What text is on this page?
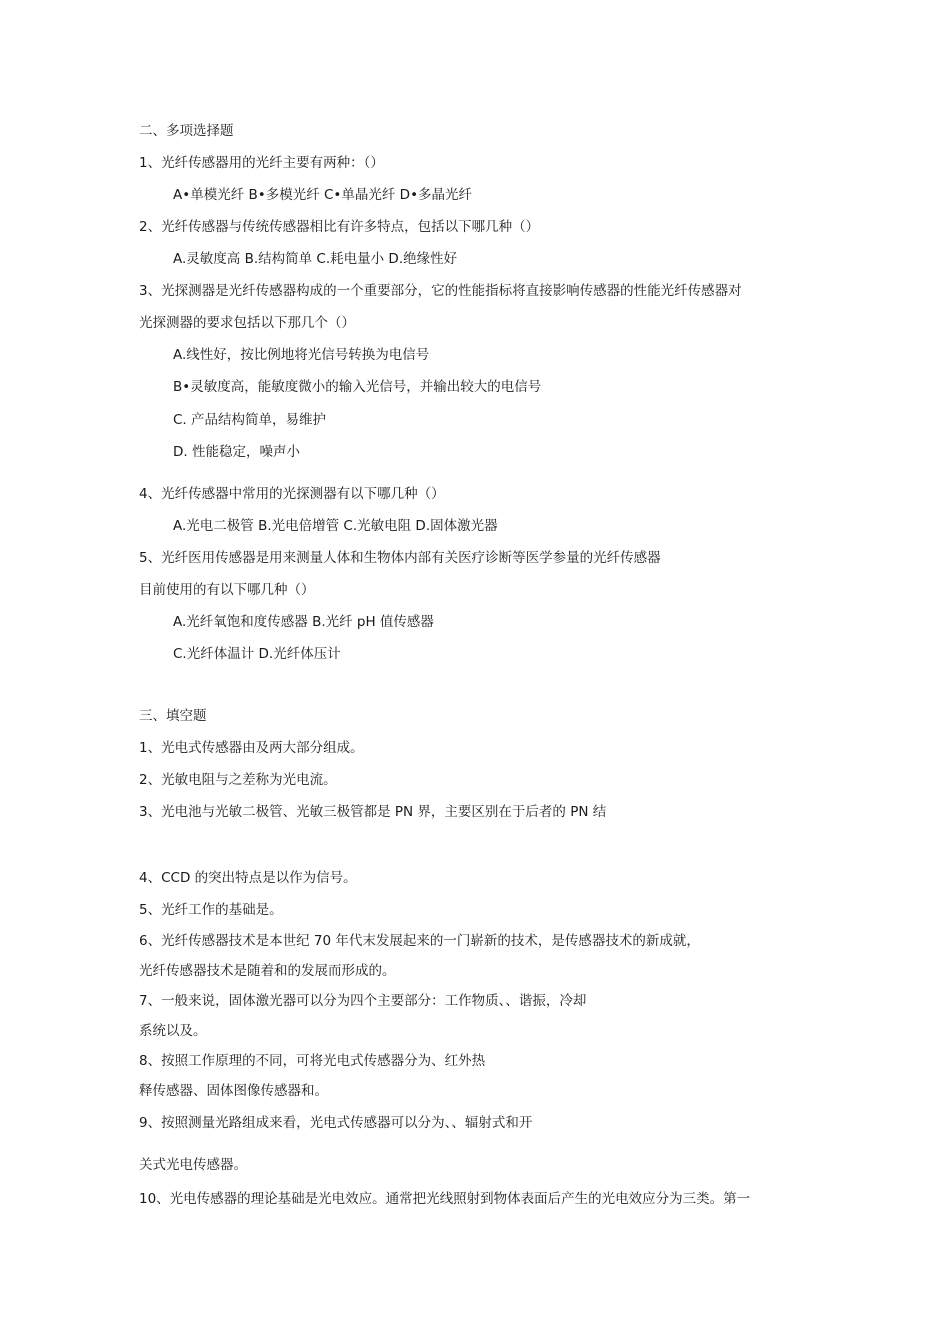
二、多项选择题
1、光纤传感器用的光纤主要有两种：（）
A•单模光纤 B•多模光纤 C•单晶光纤 D•多晶光纤
2、光纤传感器与传统传感器相比有许多特点，包括以下哪几种（）
A.灵敏度高 B.结构简单 C.耗电量小 D.绝缘性好
3、光探测器是光纤传感器构成的一个重要部分，它的性能指标将直接影响传感器的性能光纤传感器对
光探测器的要求包括以下那几个（）
A.线性好，按比例地将光信号转换为电信号
B•灵敏度高，能敏度微小的输入光信号，并输出较大的电信号
C. 产品结构简单，易维护
D. 性能稳定，噪声小
4、光纤传感器中常用的光探测器有以下哪几种（）
A.光电二极管 B.光电倍增管 C.光敏电阻 D.固体激光器
5、光纤医用传感器是用来测量人体和生物体内部有关医疗诊断等医学参量的光纤传感器
目前使用的有以下哪几种（）
A.光纤氧饱和度传感器 B.光纤 pH 值传感器
C.光纤体温计 D.光纤体压计
三、填空题
1、光电式传感器由及两大部分组成。
2、光敏电阻与之差称为光电流。
3、光电池与光敏二极管、光敏三极管都是 PN 界，主要区别在于后者的 PN 结
4、CCD 的突出特点是以作为信号。
5、光纤工作的基础是。
6、光纤传感器技术是本世纪 70 年代末发展起来的一门崭新的技术，是传感器技术的新成就，
光纤传感器技术是随着和的发展而形成的。
7、一般来说，固体激光器可以分为四个主要部分：工作物质、、谐振，冷却
系统以及。
8、按照工作原理的不同，可将光电式传感器分为、红外热
释传感器、固体图像传感器和。
9、按照测量光路组成来看，光电式传感器可以分为、、辐射式和开
关式光电传感器。
10、光电传感器的理论基础是光电效应。通常把光线照射到物体表面后产生的光电效应分为三类。第一
